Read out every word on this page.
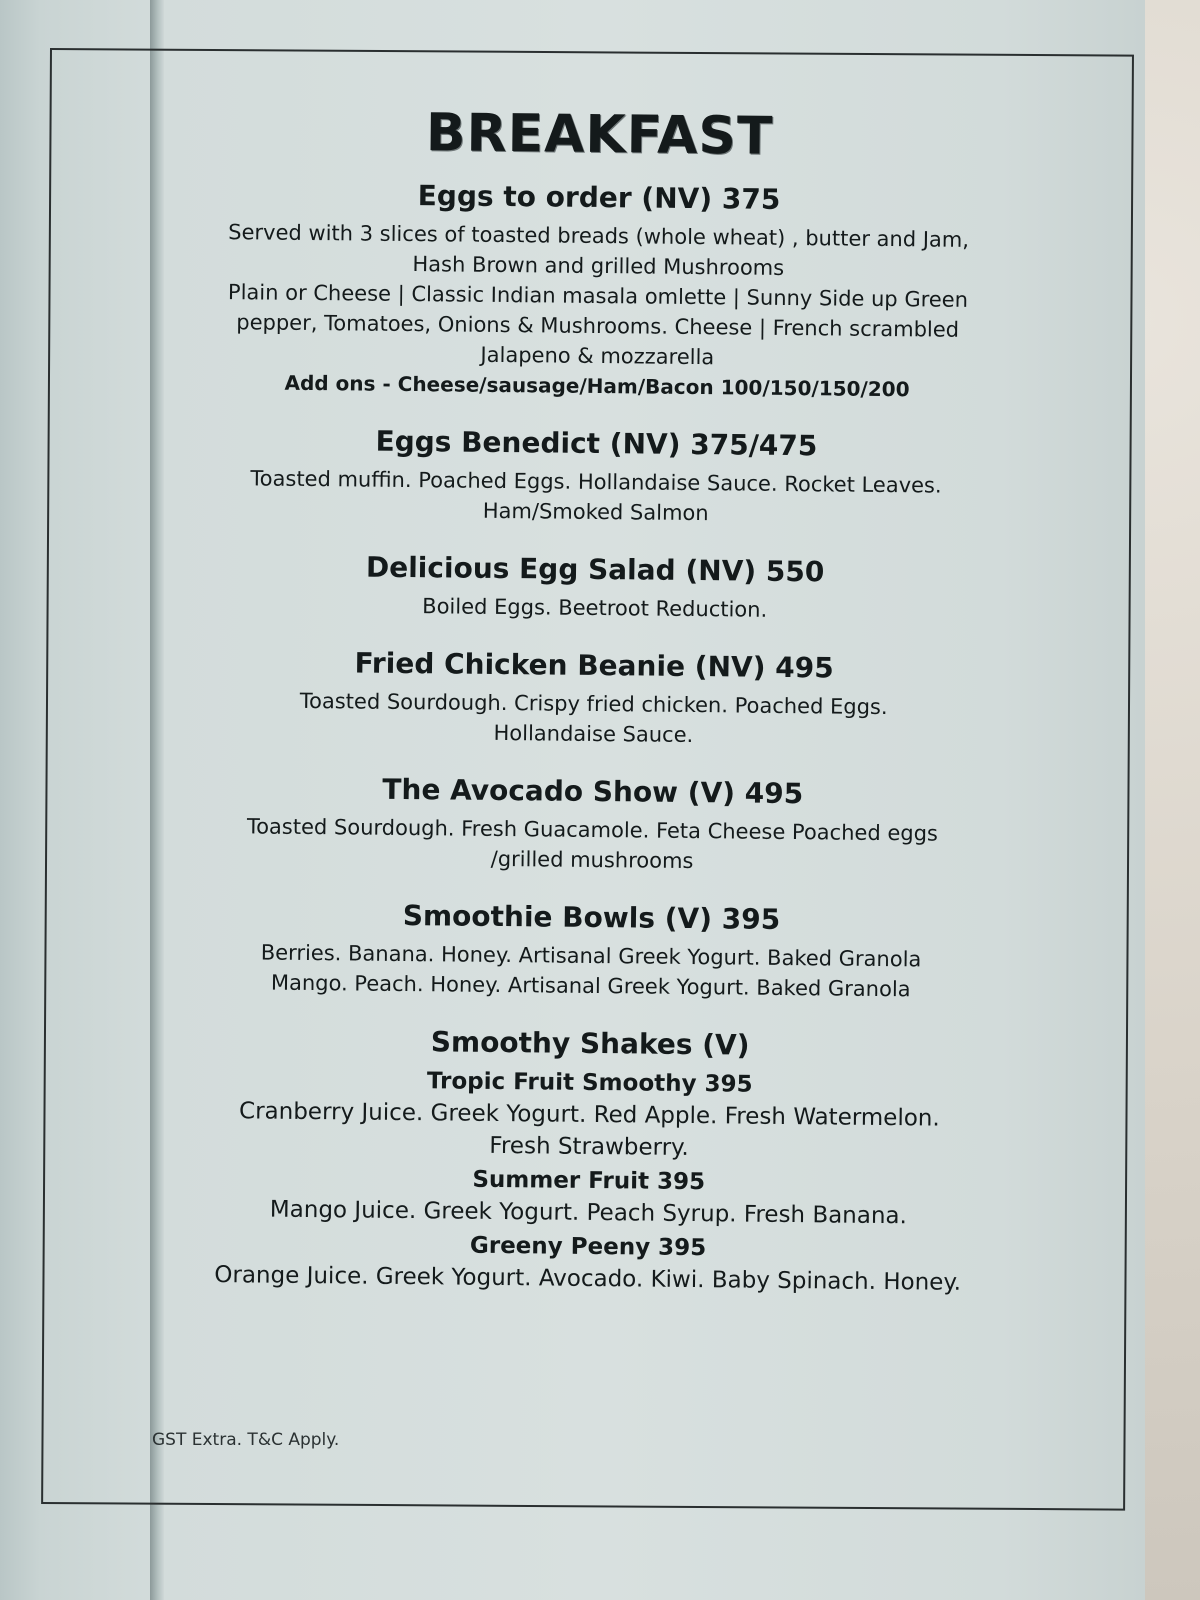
BREAKFAST
Eggs to order (NV) 375

Served with 3 slices of toasted breads (whole wheat) , butter and Jam,

Hash Brown and grilled Mushrooms

Plain or Cheese | Classic Indian masala omlette | Sunny Side up Green

pepper, Tomatoes, Onions & Mushrooms. Cheese | French scrambled

Jalapeno & mozzarella

Add ons - Cheese/sausage/Ham/Bacon 100/150/150/200

Eggs Benedict (NV) 375/475

Toasted muffin. Poached Eggs. Hollandaise Sauce. Rocket Leaves.

Ham/Smoked Salmon

Delicious Egg Salad (NV) 550

Boiled Eggs. Beetroot Reduction.

Fried Chicken Beanie (NV) 495

Toasted Sourdough. Crispy fried chicken. Poached Eggs.

Hollandaise Sauce.

The Avocado Show (V) 495

Toasted Sourdough. Fresh Guacamole. Feta Cheese Poached eggs

/grilled mushrooms

Smoothie Bowls (V) 395

Berries. Banana. Honey. Artisanal Greek Yogurt. Baked Granola

Mango. Peach. Honey. Artisanal Greek Yogurt. Baked Granola

Smoothy Shakes (V)
Tropic Fruit Smoothy 395

Cranberry Juice. Greek Yogurt. Red Apple. Fresh Watermelon.

Fresh Strawberry.

Summer Fruit 395

Mango Juice. Greek Yogurt. Peach Syrup. Fresh Banana.

Greeny Peeny 395

Orange Juice. Greek Yogurt. Avocado. Kiwi. Baby Spinach. Honey.

GST Extra. T&C Apply.
